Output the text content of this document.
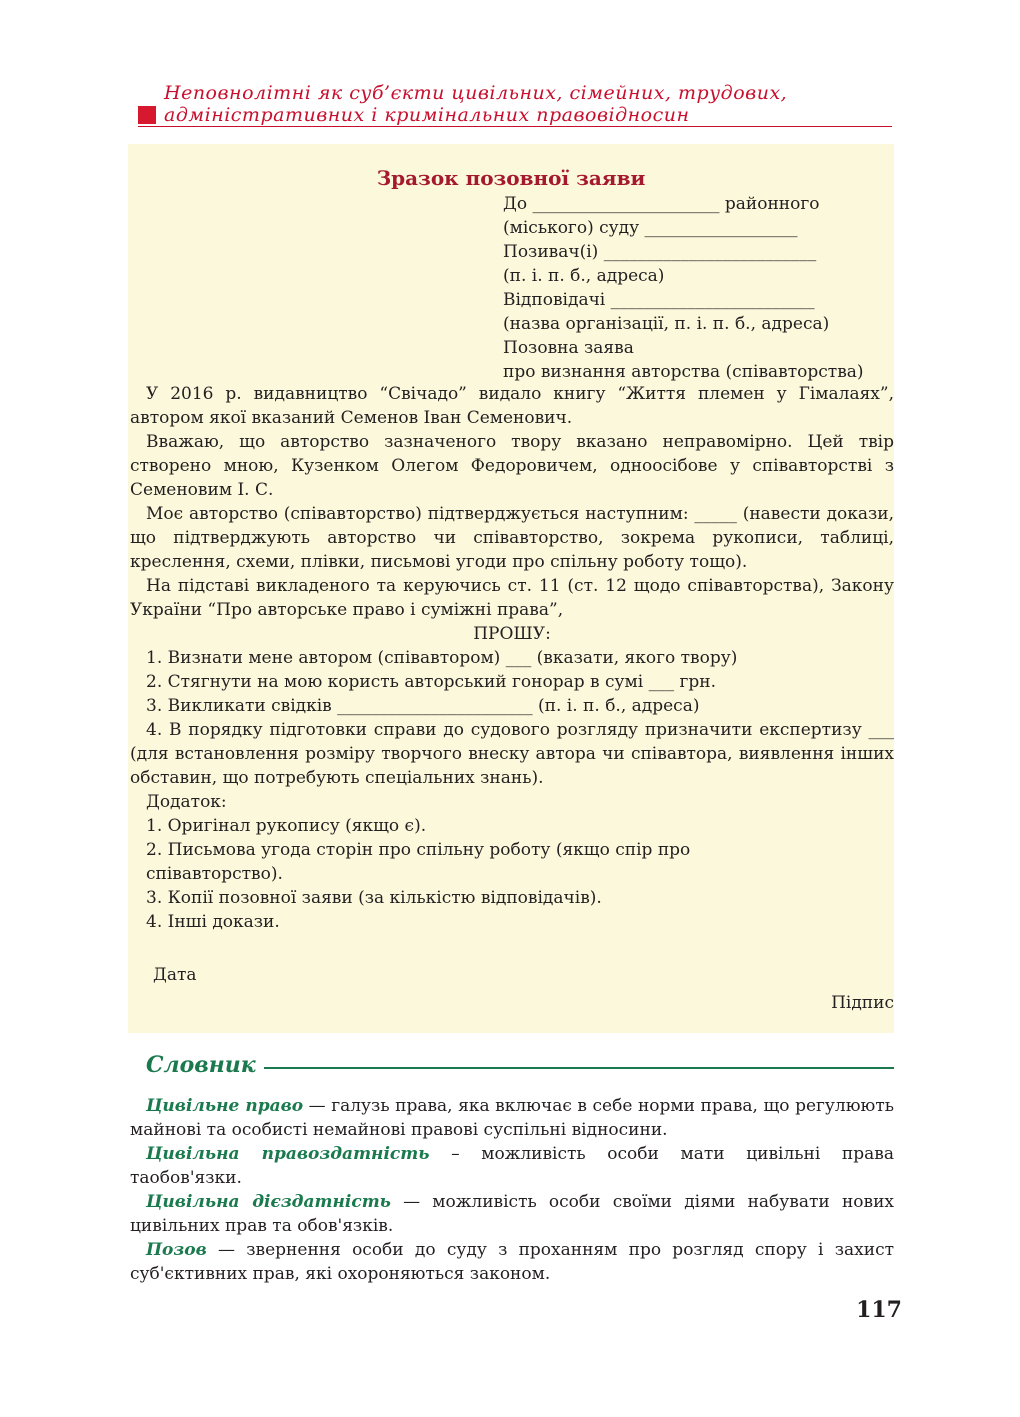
Неповнолітні як суб’єкти цивільних, сімейних, трудових,
адміністративних і кримінальних правовідносин
Зразок позовної заяви
До ______________________ районного
(міського) суду __________________
Позивач(і) _________________________
(п. і. п. б., адреса)
Відповідачі ________________________
(назва організації, п. і. п. б., адреса)
Позовна заява
про визнання авторства (співавторства)

У 2016 р. видавництво “Свічадо” видало книгу “Життя племен у Гімалаях”, автором якої вказаний Семенов Іван Семенович.

Вважаю, що авторство зазначеного твору вказано неправомірно. Цей твір створено мною, Кузенком Олегом Федоровичем, одноосібове у співавторстві з Семеновим І. С.

Моє авторство (співавторство) підтверджується наступним: _____ (навести докази, що підтверджують авторство чи співавторство, зокрема рукописи, таблиці, креслення, схеми, плівки, письмові угоди про спільну роботу тощо).

На підставі викладеного та керуючись ст. 11 (ст. 12 щодо співавторства), Закону України “Про авторське право і суміжні права”,

ПРОШУ:

1. Визнати мене автором (співавтором) ___ (вказати, якого твору)

2. Стягнути на мою користь авторський гонорар в сумі ___ грн.

3. Викликати свідків _______________________ (п. і. п. б., адреса)

4. В порядку підготовки справи до судового розгляду призначити експертизу ___ (для встановлення розміру творчого внеску автора чи співавтора, виявлення інших обставин, що потребують спеціальних знань).

Додаток:

1. Оригінал рукопису (якщо є).

2. Письмова угода сторін про спільну роботу (якщо спір про

співавторство).

3. Копії позовної заяви (за кількістю відповідачів).

4. Інші докази.

Дата
Підпис
Словник

Цивільне право — галузь права, яка включає в себе норми права, що регулюють майнові та особисті немайнові правові суспільні відносини.

Цивільна правоздатність – можливість особи мати цивільні права таобов'язки.

Цивільна дієздатність — можливість особи своїми діями набувати нових цивільних прав та обов'язків.

Позов — звернення особи до суду з проханням про розгляд спору і захист суб'єктивних прав, які охороняються законом.

117
